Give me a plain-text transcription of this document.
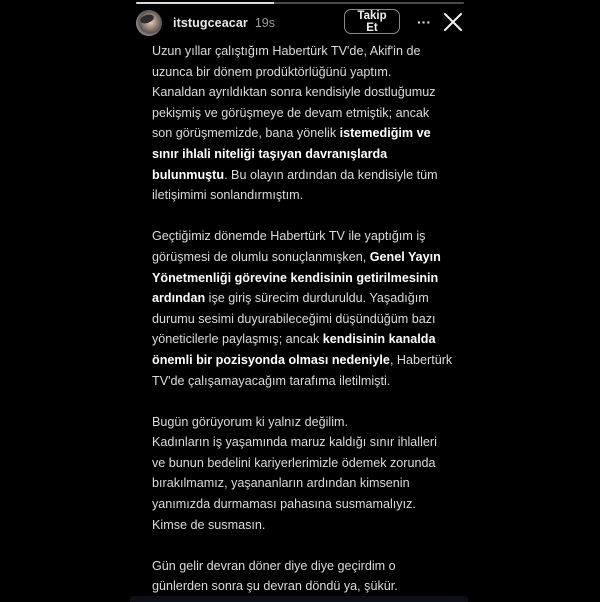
itstugceacar 19s	Takip Et	···
Uzun yıllar çalıştığım Habertürk TV'de, Akif'in de
uzunca bir dönem prodüktörlüğünü yaptım.
Kanaldan ayrıldıktan sonra kendisiyle dostluğumuz
pekişmiş ve görüşmeye de devam etmiştik; ancak
son görüşmemizde, bana yönelik istemediğim ve
sınır ihlali niteliği taşıyan davranışlarda
bulunmuştu. Bu olayın ardından da kendisiyle tüm
iletişimimi sonlandırmıştım.
Geçtiğimiz dönemde Habertürk TV ile yaptığım iş
görüşmesi de olumlu sonuçlanmışken, Genel Yayın
Yönetmenliği görevine kendisinin getirilmesinin
ardından işe giriş sürecim durduruldu. Yaşadığım
durumu sesimi duyurabileceğimi düşündüğüm bazı
yöneticilerle paylaşmış; ancak kendisinin kanalda
önemli bir pozisyonda olması nedeniyle, Habertürk
TV'de çalışamayacağım tarafıma iletilmişti.
Bugün görüyorum ki yalnız değilim.
Kadınların iş yaşamında maruz kaldığı sınır ihlalleri
ve bunun bedelini kariyerlerimizle ödemek zorunda
bırakılmamız, yaşananların ardından kimsenin
yanımızda durmaması pahasına susmamalıyız.
Kimse de susmasın.
Gün gelir devran döner diye diye geçirdim o
günlerden sonra şu devran döndü ya, şükür.
